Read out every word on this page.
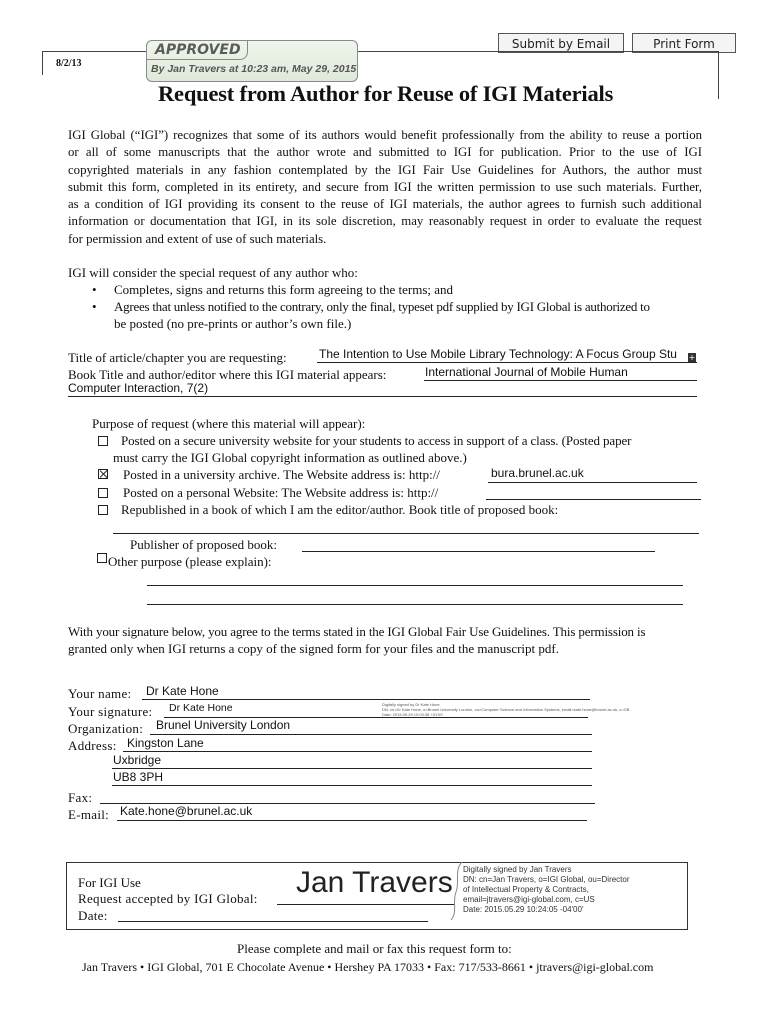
Submit by Email	Print Form
APPROVED
By Jan Travers at 10:23 am, May 29, 2015
8/2/13
Request from Author for Reuse of IGI Materials
IGI Global (“IGI”) recognizes that some of its authors would benefit professionally from the ability to reuse a portion
or all of some manuscripts that the author wrote and submitted to IGI for publication. Prior to the use of IGI
copyrighted materials in any fashion contemplated by the IGI Fair Use Guidelines for Authors, the author must
submit this form, completed in its entirety, and secure from IGI the written permission to use such materials. Further,
as a condition of IGI providing its consent to the reuse of IGI materials, the author agrees to furnish such additional
information or documentation that IGI, in its sole discretion, may reasonably request in order to evaluate the request
for permission and extent of use of such materials.
IGI will consider the special request of any author who:
• Completes, signs and returns this form agreeing to the terms; and
• Agrees that unless notified to the contrary, only the final, typeset pdf supplied by IGI Global is authorized to
be posted (no pre-prints or author’s own file.)
Title of article/chapter you are requesting:	The Intention to Use Mobile Library Technology: A Focus Group Stu	+
Book Title and author/editor where this IGI material appears:	International Journal of Mobile Human
Computer Interaction, 7(2)
Purpose of request (where this material will appear):
Posted on a secure university website for your students to access in support of a class. (Posted paper
must carry the IGI Global copyright information as outlined above.)
Posted in a university archive. The Website address is: http://	bura.brunel.ac.uk
Posted on a personal Website: The Website address is: http://
Republished in a book of which I am the editor/author. Book title of proposed book:
Publisher of proposed book:
Other purpose (please explain):
With your signature below, you agree to the terms stated in the IGI Global Fair Use Guidelines. This permission is
granted only when IGI returns a copy of the signed form for your files and the manuscript pdf.
Your name: Dr Kate Hone
Your signature: Dr Kate Hone	Digitally signed by Dr Kate Hone
DN: cn=Dr Kate Hone, o=Brunel University London, ou=Computer Science and Information Systems, email=kate.hone@brunel.ac.uk, c=GB
Date: 2015.05.29 10:03:38 +01'00'
Organization: Brunel University London
Address: Kingston Lane
Uxbridge
UB8 3PH
Fax:
E-mail: Kate.hone@brunel.ac.uk
For IGI Use
Request accepted by IGI Global:
Date:
Jan Travers Digitally signed by Jan Travers
DN: cn=Jan Travers, o=IGI Global, ou=Director
of Intellectual Property & Contracts,
email=jtravers@igi-global.com, c=US
Date: 2015.05.29 10:24:05 -04'00'
Please complete and mail or fax this request form to:
Jan Travers • IGI Global, 701 E Chocolate Avenue • Hershey PA 17033 • Fax: 717/533-8661 • jtravers@igi-global.com
